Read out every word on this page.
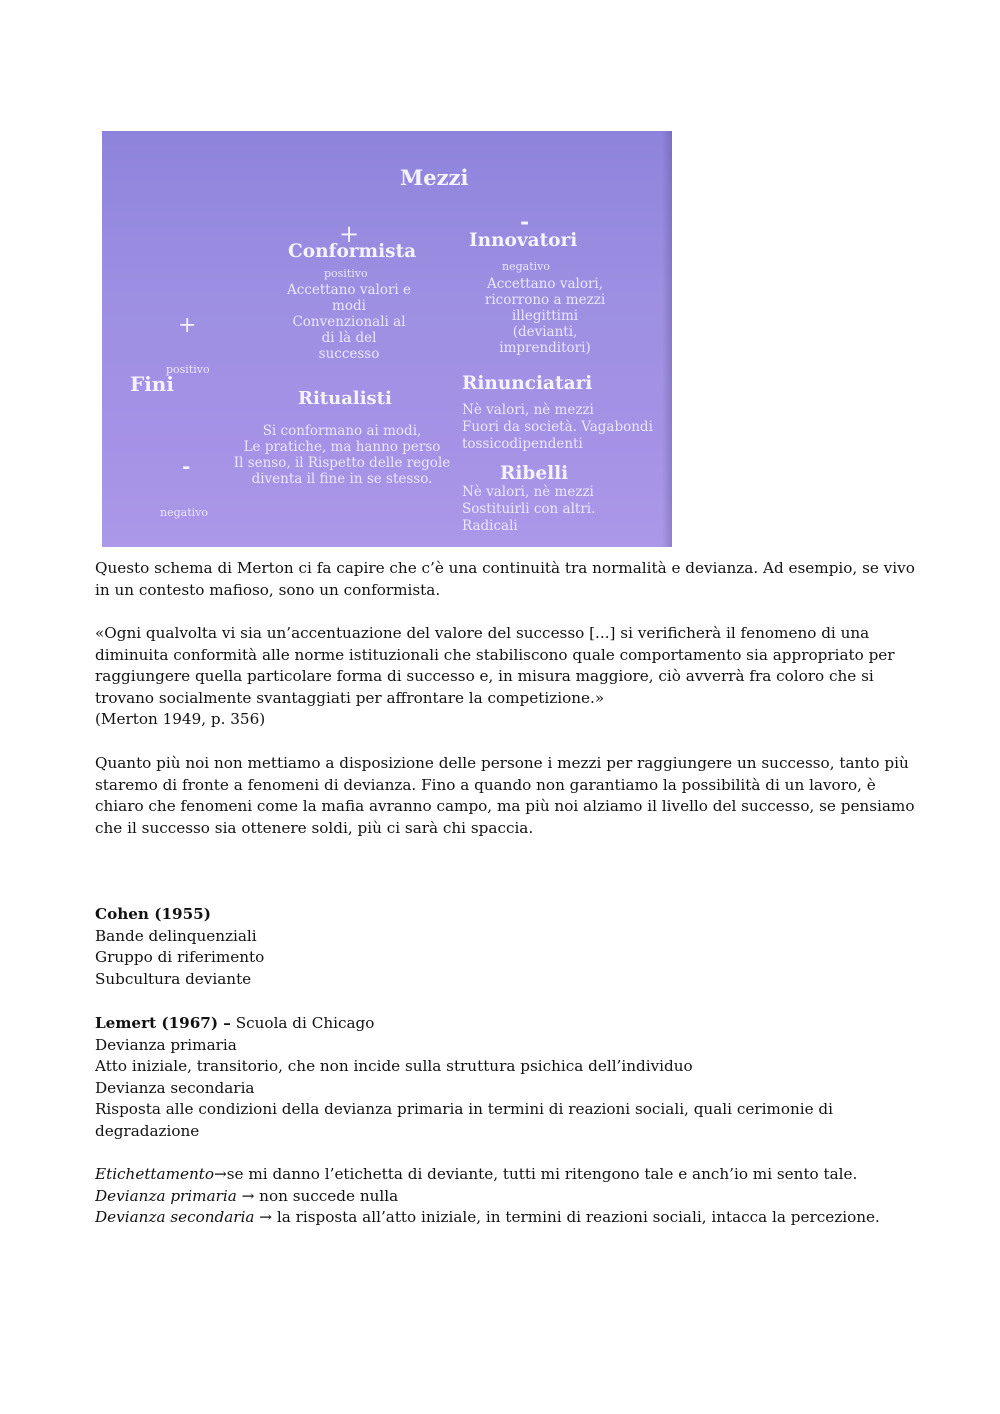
Mezzi
+	-
Conformista
positivo
Accettano valori e
modi
Convenzionali al
di là del
successo
Innovatori
negativo
Accettano valori,
ricorrono a mezzi
illegittimi
(devianti,
imprenditori)
+
positivo
Fini
-
negativo
Ritualisti
Si conformano ai modi,
Le pratiche, ma hanno perso
Il senso, il Rispetto delle regole
diventa il fine in se stesso.
Rinunciatari
Nè valori, nè mezzi
Fuori da società. Vagabondi
tossicodipendenti
Ribelli
Nè valori, nè mezzi
Sostituirli con altri.
Radicali

Questo schema di Merton ci fa capire che c’è una continuità tra normalità e devianza. Ad esempio, se vivo in un contesto mafioso, sono un conformista.

«Ogni qualvolta vi sia un’accentuazione del valore del successo [...] si verificherà il fenomeno di una diminuita conformità alle norme istituzionali che stabiliscono quale comportamento sia appropriato per raggiungere quella particolare forma di successo e, in misura maggiore, ciò avverrà fra coloro che si trovano socialmente svantaggiati per affrontare la competizione.»

(Merton 1949, p. 356)

Quanto più noi non mettiamo a disposizione delle persone i mezzi per raggiungere un successo, tanto più staremo di fronte a fenomeni di devianza. Fino a quando non garantiamo la possibilità di un lavoro, è chiaro che fenomeni come la mafia avranno campo, ma più noi alziamo il livello del successo, se pensiamo che il successo sia ottenere soldi, più ci sarà chi spaccia.

Cohen (1955)

Bande delinquenziali

Gruppo di riferimento

Subcultura deviante

Lemert (1967) – Scuola di Chicago

Devianza primaria

Atto iniziale, transitorio, che non incide sulla struttura psichica dell’individuo

Devianza secondaria

Risposta alle condizioni della devianza primaria in termini di reazioni sociali, quali cerimonie di degradazione

Etichettamento→se mi danno l’etichetta di deviante, tutti mi ritengono tale e anch’io mi sento tale.

Devianza primaria → non succede nulla

Devianza secondaria → la risposta all’atto iniziale, in termini di reazioni sociali, intacca la percezione.
